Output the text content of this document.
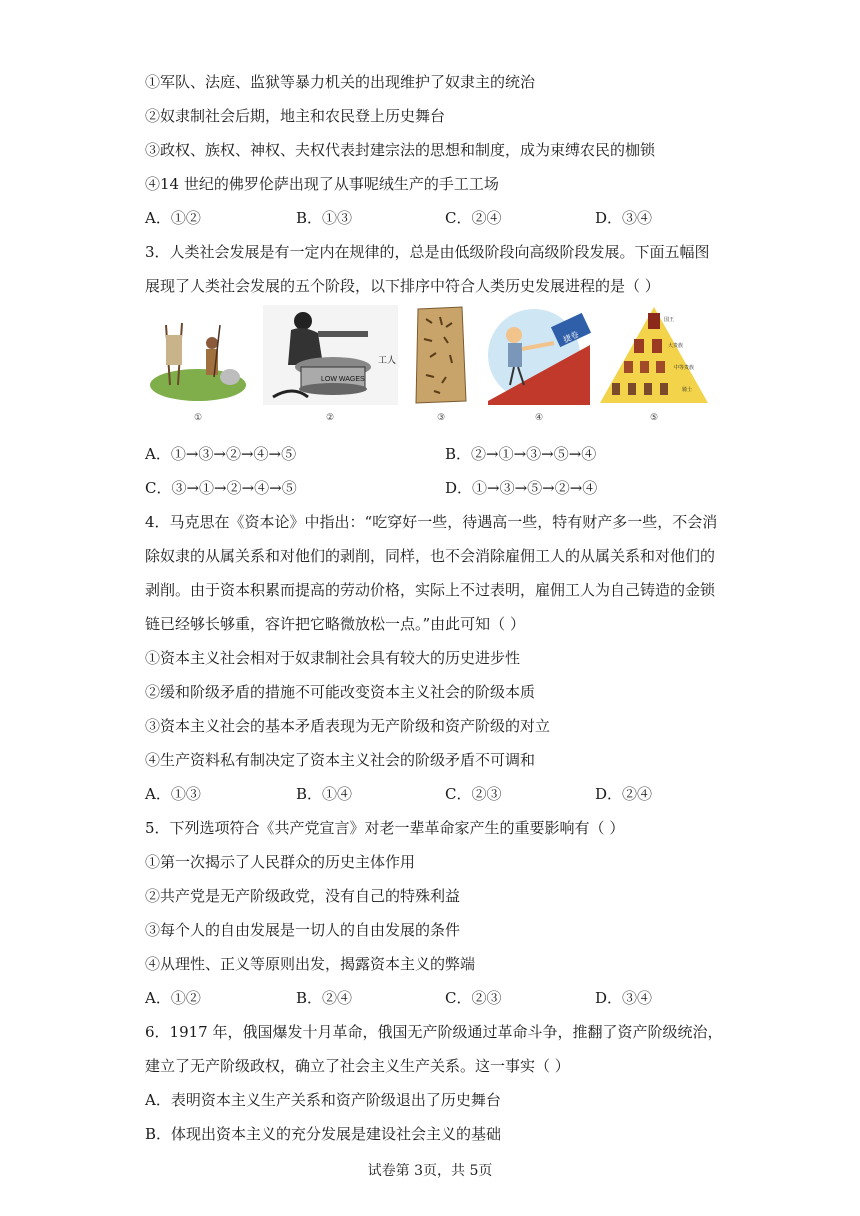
①军队、法庭、监狱等暴力机关的出现维护了奴隶主的统治
②奴隶制社会后期，地主和农民登上历史舞台
③政权、族权、神权、夫权代表封建宗法的思想和制度，成为束缚农民的枷锁
④14 世纪的佛罗伦萨出现了从事呢绒生产的手工工场
A．①②	B．①③	C．②④	D．③④
3．人类社会发展是有一定内在规律的，总是由低级阶段向高级阶段发展。下面五幅图
展现了人类社会发展的五个阶段，以下排序中符合人类历史发展进程的是（ ）
①
LOW WAGES
工人
②	③
捷卷
④
国王
大贵族
中等贵族
骑士
⑤
A．①→③→②→④→⑤	B．②→①→③→⑤→④
C．③→①→②→④→⑤	D．①→③→⑤→②→④
4．马克思在《资本论》中指出：“吃穿好一些，待遇高一些，特有财产多一些，不会消
除奴隶的从属关系和对他们的剥削，同样，也不会消除雇佣工人的从属关系和对他们的
剥削。由于资本积累而提高的劳动价格，实际上不过表明，雇佣工人为自己铸造的金锁
链已经够长够重，容许把它略微放松一点。”由此可知（ ）
①资本主义社会相对于奴隶制社会具有较大的历史进步性
②缓和阶级矛盾的措施不可能改变资本主义社会的阶级本质
③资本主义社会的基本矛盾表现为无产阶级和资产阶级的对立
④生产资料私有制决定了资本主义社会的阶级矛盾不可调和
A．①③	B．①④	C．②③	D．②④
5．下列选项符合《共产党宣言》对老一辈革命家产生的重要影响有（ ）
①第一次揭示了人民群众的历史主体作用
②共产党是无产阶级政党，没有自己的特殊利益
③每个人的自由发展是一切人的自由发展的条件
④从理性、正义等原则出发，揭露资本主义的弊端
A．①②	B．②④	C．②③	D．③④
6．1917 年，俄国爆发十月革命，俄国无产阶级通过革命斗争，推翻了资产阶级统治，
建立了无产阶级政权，确立了社会主义生产关系。这一事实（ ）
A．表明资本主义生产关系和资产阶级退出了历史舞台
B．体现出资本主义的充分发展是建设社会主义的基础
试卷第 3页，共 5页
